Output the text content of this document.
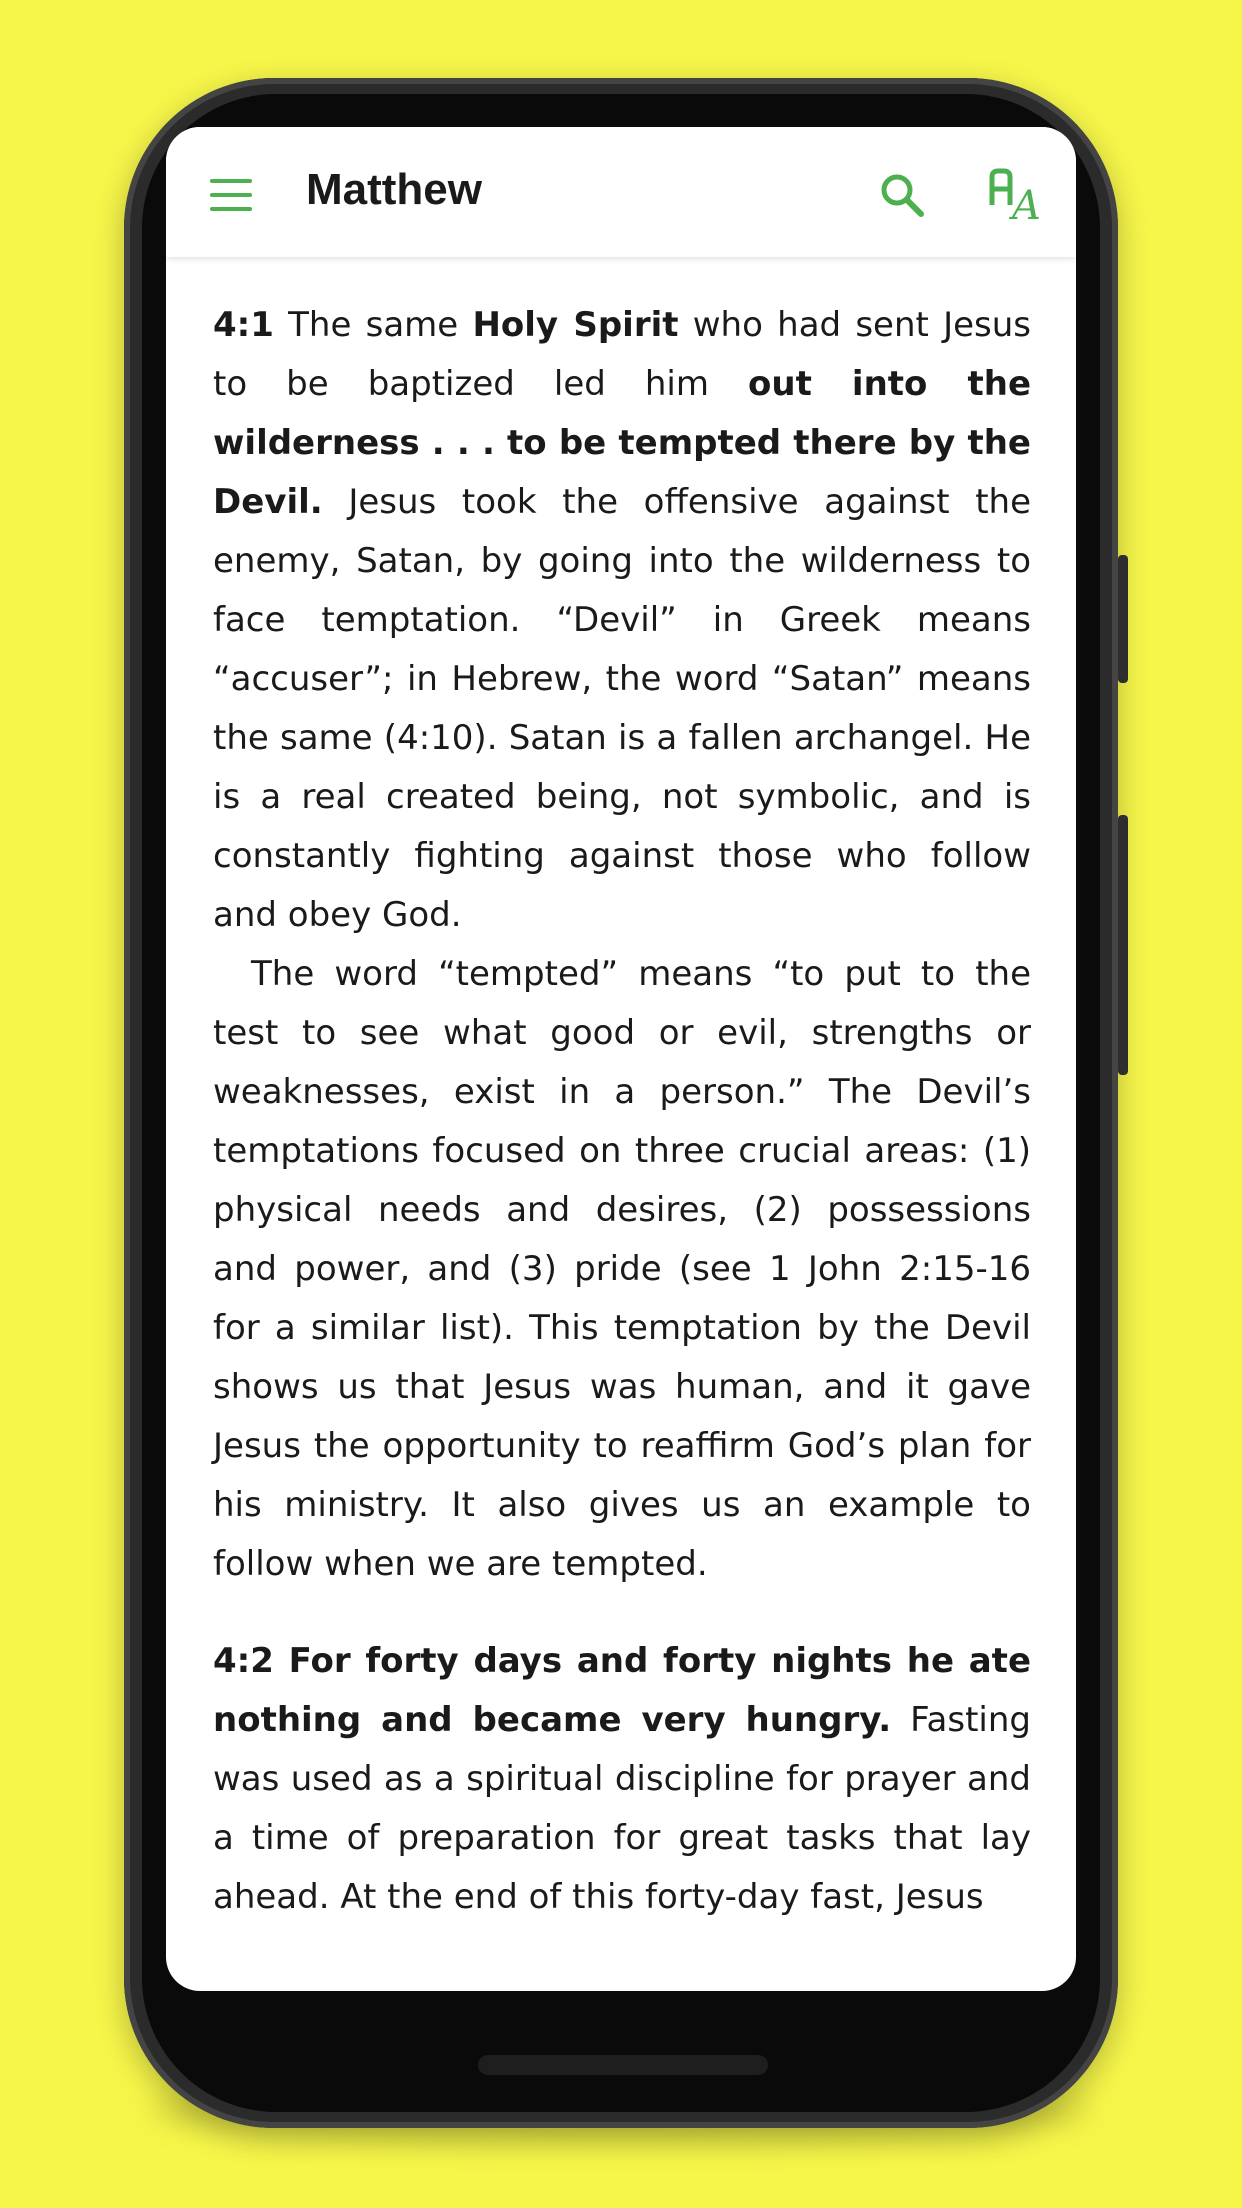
Matthew	A

4:1 The same Holy Spirit who had sent Jesus to be baptized led him out into the wilderness . . . to be tempted there by the Devil. Jesus took the offensive against the enemy, Satan, by going into the wilderness to face temptation. “Devil” in Greek means “accuser”; in Hebrew, the word “Satan” means the same (4:10). Satan is a fallen archangel. He is a real created being, not symbolic, and is constantly fighting against those who follow and obey God.

The word “tempted” means “to put to the test to see what good or evil, strengths or weaknesses, exist in a person.” The Devil’s temptations focused on three crucial areas: (1) physical needs and desires, (2) possessions and power, and (3) pride (see 1 John 2:15-16 for a similar list). This temptation by the Devil shows us that Jesus was human, and it gave Jesus the opportunity to reaffirm God’s plan for his ministry. It also gives us an example to follow when we are tempted.

4:2 For forty days and forty nights he ate nothing and became very hungry. Fasting was used as a spiritual discipline for prayer and a time of preparation for great tasks that lay ahead. At the end of this forty-day fast, Jesus
